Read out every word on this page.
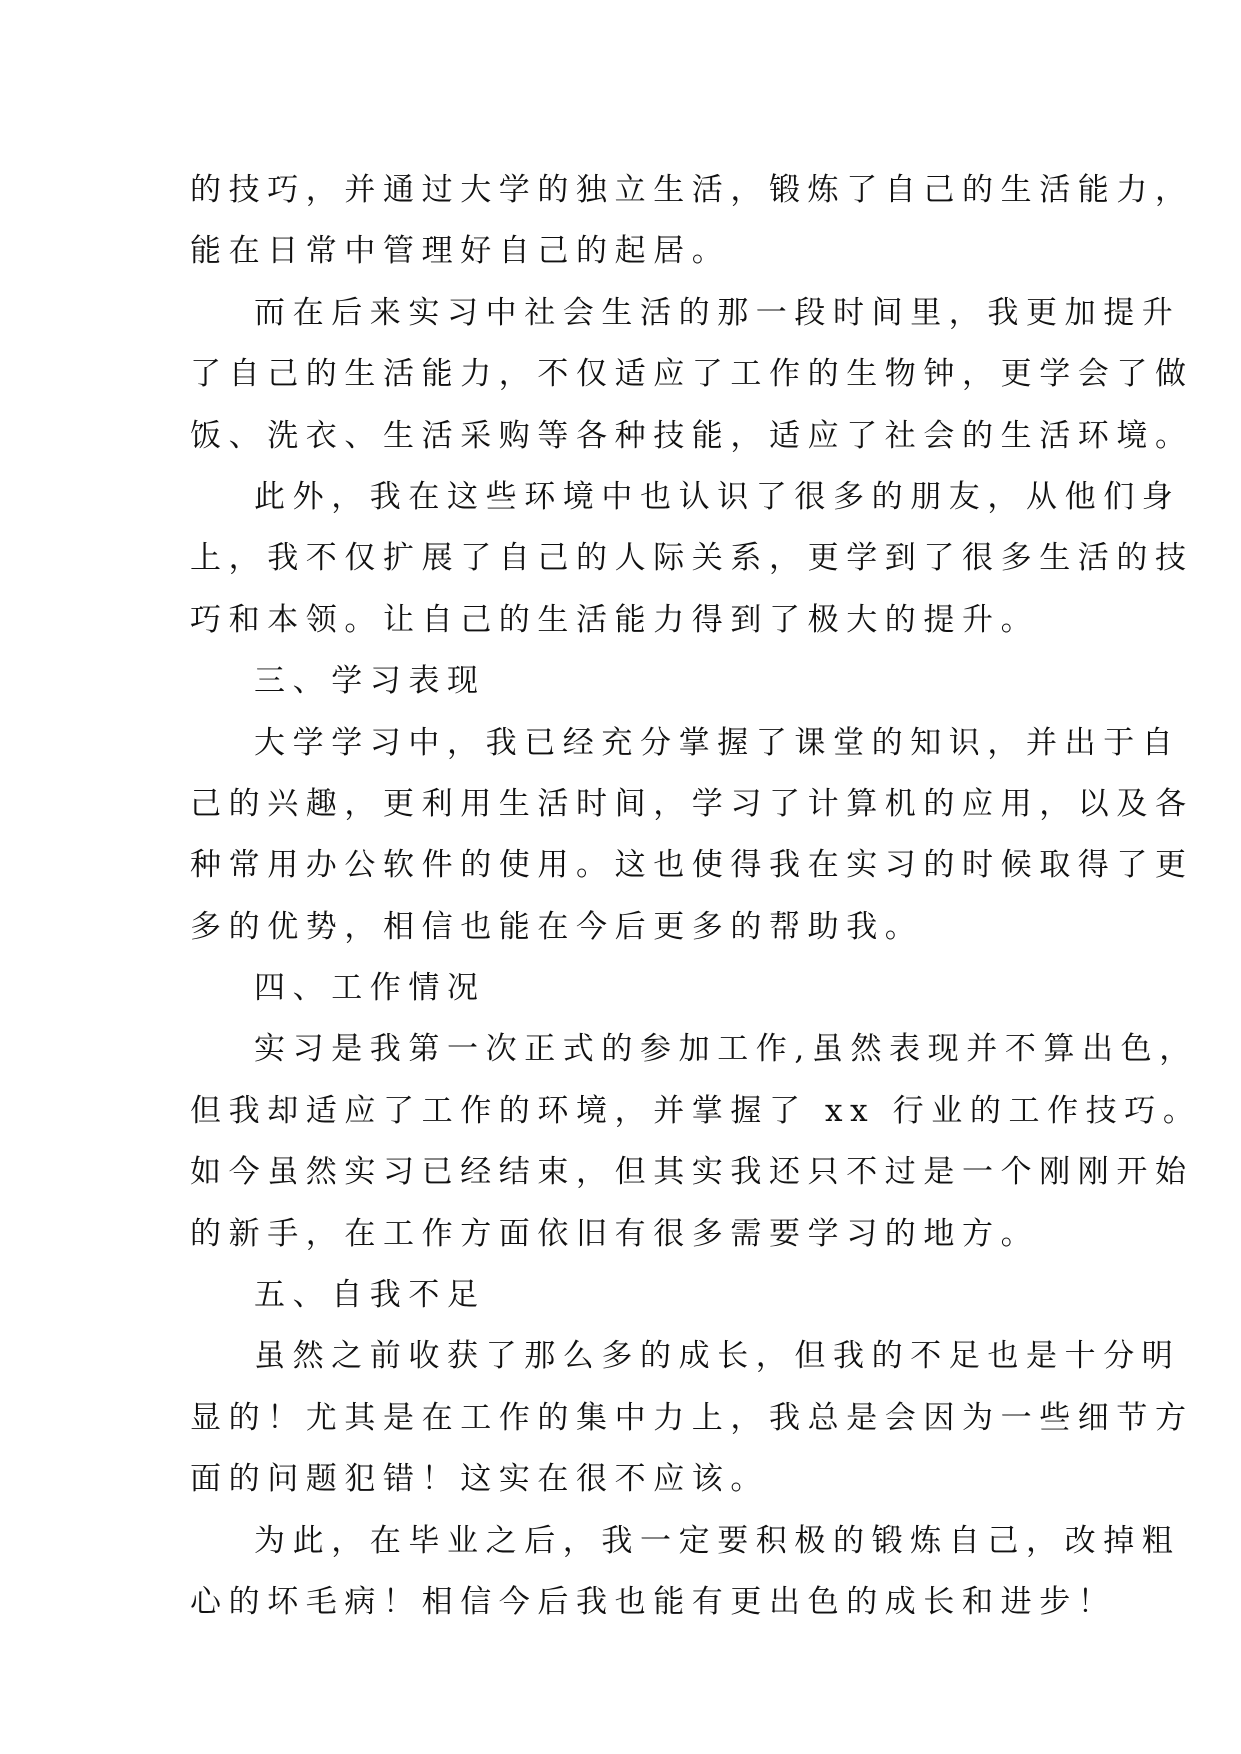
的技巧，并通过大学的独立生活，锻炼了自己的生活能力，
能在日常中管理好自己的起居。
而在后来实习中社会生活的那一段时间里，我更加提升
了自己的生活能力，不仅适应了工作的生物钟，更学会了做
饭、洗衣、生活采购等各种技能，适应了社会的生活环境。
此外，我在这些环境中也认识了很多的朋友，从他们身
上，我不仅扩展了自己的人际关系，更学到了很多生活的技
巧和本领。让自己的生活能力得到了极大的提升。
三、学习表现
大学学习中，我已经充分掌握了课堂的知识，并出于自
己的兴趣，更利用生活时间，学习了计算机的应用，以及各
种常用办公软件的使用。这也使得我在实习的时候取得了更
多的优势，相信也能在今后更多的帮助我。
四、工作情况
实习是我第一次正式的参加工作,虽然表现并不算出色，
但我却适应了工作的环境，并掌握了 xx 行业的工作技巧。
如今虽然实习已经结束，但其实我还只不过是一个刚刚开始
的新手，在工作方面依旧有很多需要学习的地方。
五、自我不足
虽然之前收获了那么多的成长，但我的不足也是十分明
显的！尤其是在工作的集中力上，我总是会因为一些细节方
面的问题犯错！这实在很不应该。
为此，在毕业之后，我一定要积极的锻炼自己，改掉粗
心的坏毛病！相信今后我也能有更出色的成长和进步！
